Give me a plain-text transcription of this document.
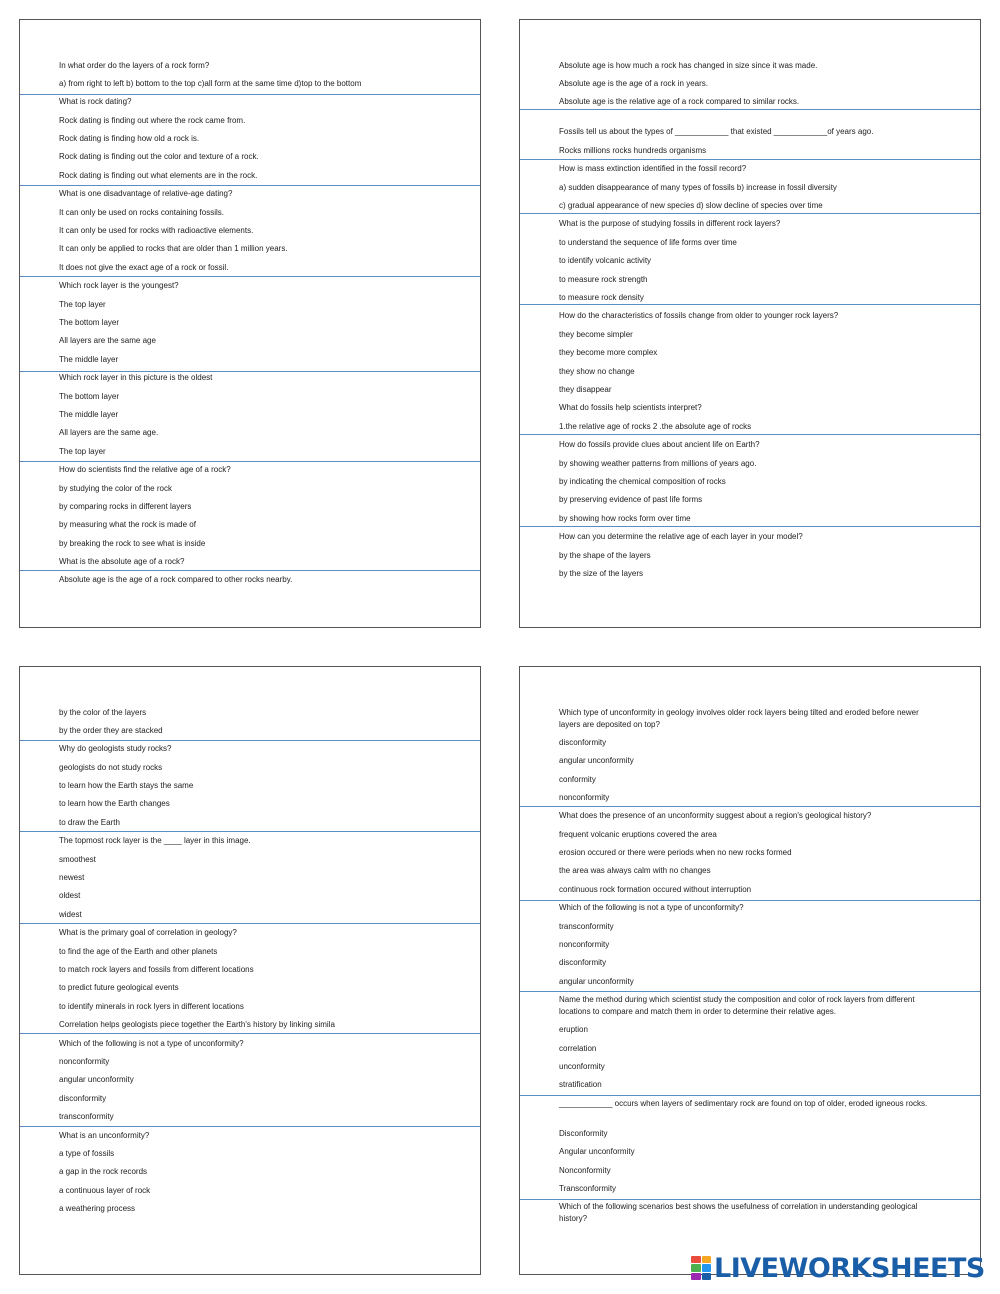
In what order do the layers of a rock form?
a) from right to left b) bottom to the top c)all form at the same time d)top to the bottom
What is rock dating?
Rock dating is finding out where the rock came from.
Rock dating is finding how old a rock is.
Rock dating is finding out the color and texture of a rock.
Rock dating is finding out what elements are in the rock.
What is one disadvantage of relative-age dating?
It can only be used on rocks containing fossils.
It can only be used for rocks with radioactive elements.
It can only be applied to rocks that are older than 1 million years.
It does not give the exact age of a rock or fossil.
Which rock layer is the youngest?
The top layer
The bottom layer
All layers are the same age
The middle layer
Which rock layer in this picture is the oldest
The bottom layer
The middle layer
All layers are the same age.
The top layer
How do scientists find the relative age of a rock?
by studying the color of the rock
by comparing rocks in different layers
by measuring what the rock is made of
by breaking the rock to see what is inside
What is the absolute age of a rock?
Absolute age is the age of a rock compared to other rocks nearby.
Absolute age is how much a rock has changed in size since it was made.
Absolute age is the age of a rock in years.
Absolute age is the relative age of a rock compared to similar rocks.
Fossils tell us about the types of ____________ that existed ____________of years ago.
Rocks millions rocks hundreds organisms
How is mass extinction identified in the fossil record?
a) sudden disappearance of many types of fossils b) increase in fossil diversity
c) gradual appearance of new species d) slow decline of species over time
What is the purpose of studying fossils in different rock layers?
to understand the sequence of life forms over time
to identify volcanic activity
to measure rock strength
to measure rock density
How do the characteristics of fossils change from older to younger rock layers?
they become simpler
they become more complex
they show no change
they disappear
What do fossils help scientists interpret?
1.the relative age of rocks 2 .the absolute age of rocks
How do fossils provide clues about ancient life on Earth?
by showing weather patterns from millions of years ago.
by indicating the chemical composition of rocks
by preserving evidence of past life forms
by showing how rocks form over time
How can you determine the relative age of each layer in your model?
by the shape of the layers
by the size of the layers
by the color of the layers
by the order they are stacked
Why do geologists study rocks?
geologists do not study rocks
to learn how the Earth stays the same
to learn how the Earth changes
to draw the Earth
The topmost rock layer is the ____ layer in this image.
smoothest
newest
oldest
widest
What is the primary goal of correlation in geology?
to find the age of the Earth and other planets
to match rock layers and fossils from different locations
to predict future geological events
to identify minerals in rock lyers in different locations
Correlation helps geologists piece together the Earth's history by linking simila
Which of the following is not a type of unconformity?
nonconformity
angular unconformity
disconformity
transconformity
What is an unconformity?
a type of fossils
a gap in the rock records
a continuous layer of rock
a weathering process
Which type of unconformity in geology involves older rock layers being tilted and eroded before newer layers are deposited on top?
disconformity
angular unconformity
conformity
nonconformity
What does the presence of an unconformity suggest about a region's geological history?
frequent volcanic eruptions covered the area
erosion occured or there were periods when no new rocks formed
the area was always calm with no changes
continuous rock formation occured without interruption
Which of the following is not a type of unconformity?
transconformity
nonconformity
disconformity
angular unconformity
Name the method during which scientist study the composition and color of rock layers from different locations to compare and match them in order to determine their relative ages.
eruption
correlation
unconformity
stratification
____________ occurs when layers of sedimentary rock are found on top of older, eroded igneous rocks.
Disconformity
Angular unconformity
Nonconformity
Transconformity
Which of the following scenarios best shows the usefulness of correlation in understanding geological history?
LIVEWORKSHEETS
